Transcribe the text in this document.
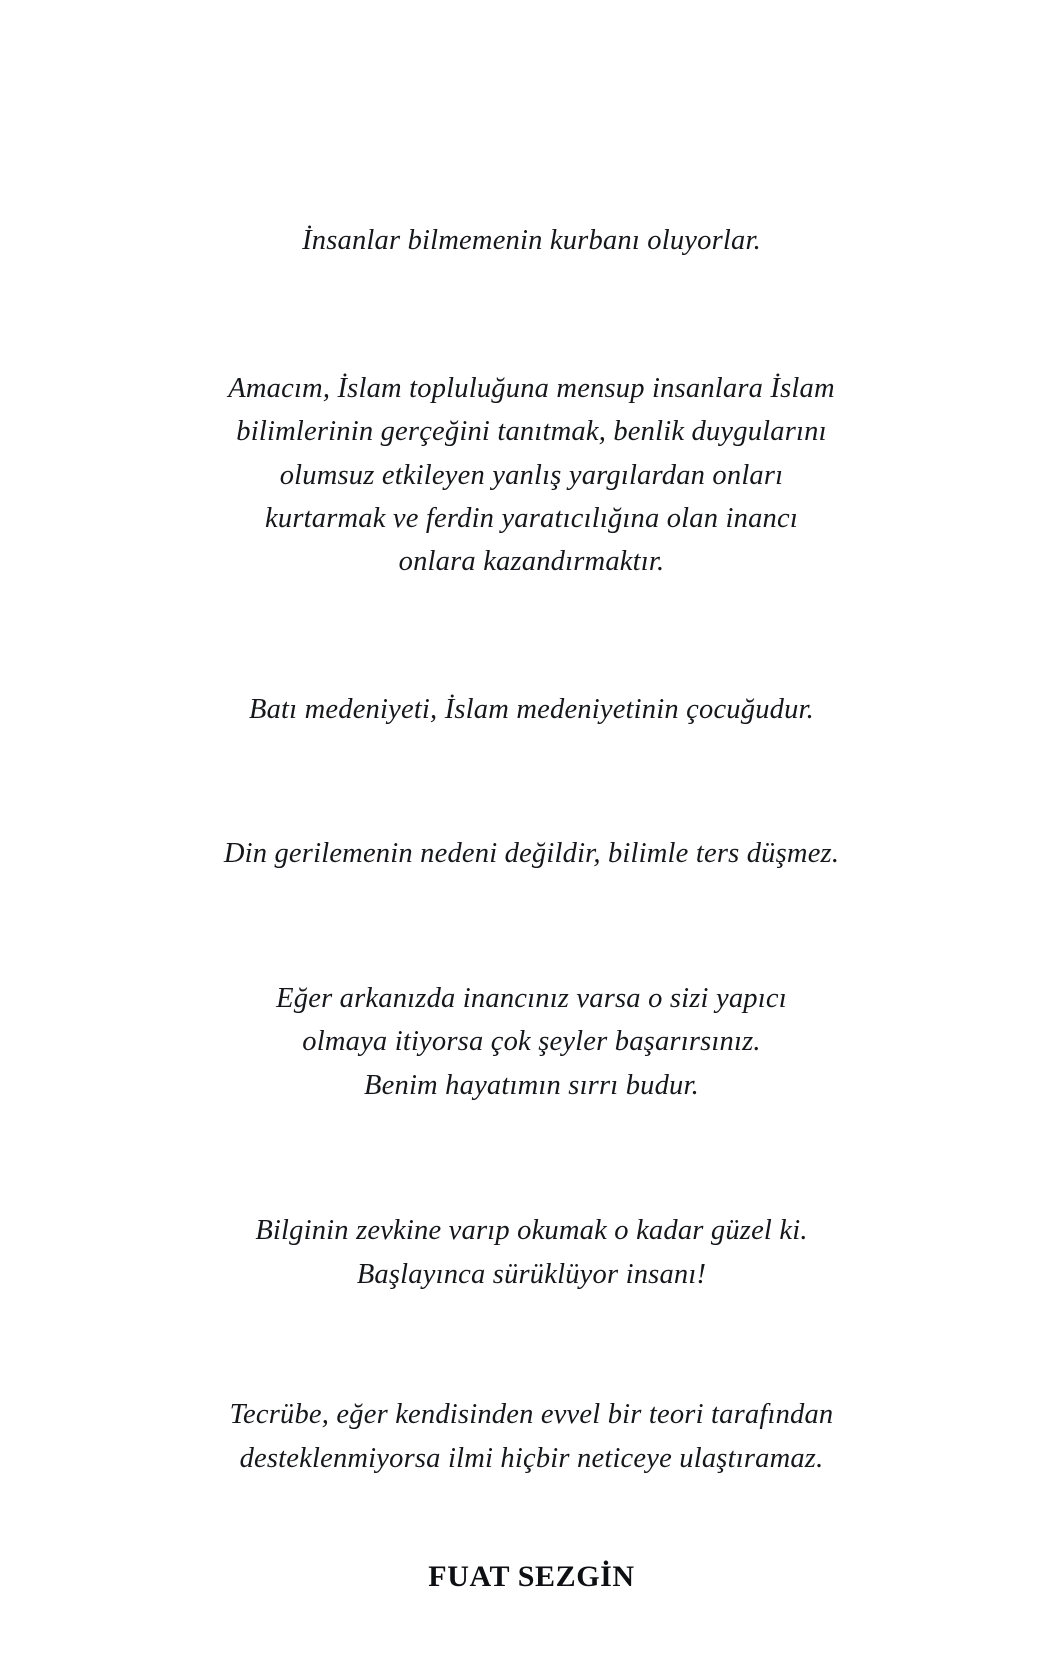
İnsanlar bilmemenin kurbanı oluyorlar.
Amacım, İslam topluluğuna mensup insanlara İslam
bilimlerinin gerçeğini tanıtmak, benlik duygularını
olumsuz etkileyen yanlış yargılardan onları
kurtarmak ve ferdin yaratıcılığına olan inancı
onlara kazandırmaktır.
Batı medeniyeti, İslam medeniyetinin çocuğudur.
Din gerilemenin nedeni değildir, bilimle ters düşmez.
Eğer arkanızda inancınız varsa o sizi yapıcı
olmaya itiyorsa çok şeyler başarırsınız.
Benim hayatımın sırrı budur.
Bilginin zevkine varıp okumak o kadar güzel ki.
Başlayınca sürüklüyor insanı!
Tecrübe, eğer kendisinden evvel bir teori tarafından
desteklenmiyorsa ilmi hiçbir neticeye ulaştıramaz.
FUAT SEZGİN
